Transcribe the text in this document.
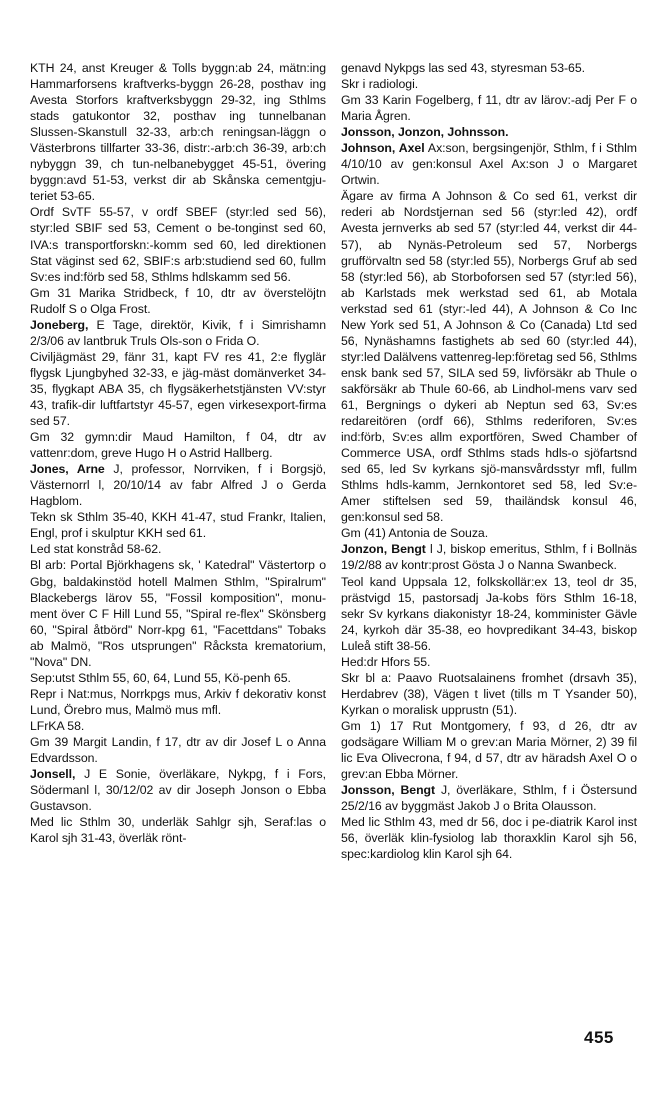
KTH 24, anst Kreuger & Tolls byggn:ab 24, mätn:ing Hammarforsens kraftverks-byggn 26-28, posthav ing Avesta Storfors kraftverksbyggn 29-32, ing Sthlms stads gatukontor 32, posthav ing tunnelbanan Slussen-Skanstull 32-33, arb:ch reningsan-läggn o Västerbrons tillfarter 33-36, distr:-arb:ch 36-39, arb:ch nybyggn 39, ch tun-nelbanebygget 45-51, övering byggn:avd 51-53, verkst dir ab Skånska cementgju-teriet 53-65.

Ordf SvTF 55-57, v ordf SBEF (styr:led sed 56), styr:led SBIF sed 53, Cement o be-tonginst sed 60, IVA:s transportforskn:-komm sed 60, led direktionen Stat väginst sed 62, SBIF:s arb:studiend sed 60, fullm Sv:es ind:förb sed 58, Sthlms hdlskamm sed 56.

Gm 31 Marika Stridbeck, f 10, dtr av överstelöjtn Rudolf S o Olga Frost.

Joneberg, E Tage, direktör, Kivik, f i Simrishamn 2/3/06 av lantbruk Truls Ols-son o Frida O.

Civiljägmäst 29, fänr 31, kapt FV res 41, 2:e flyglär flygsk Ljungbyhed 32-33, e jäg-mäst domänverket 34-35, flygkapt ABA 35, ch flygsäkerhetstjänsten VV:styr 43, trafik-dir luftfartstyr 45-57, egen virkesexport-firma sed 57.

Gm 32 gymn:dir Maud Hamilton, f 04, dtr av vattenr:dom, greve Hugo H o Astrid Hallberg.

Jones, Arne J, professor, Norrviken, f i Borgsjö, Västernorrl l, 20/10/14 av fabr Alfred J o Gerda Hagblom.

Tekn sk Sthlm 35-40, KKH 41-47, stud Frankr, Italien, Engl, prof i skulptur KKH sed 61.

Led stat konstråd 58-62.

Bl arb: Portal Björkhagens sk, ' Katedral" Västertorp o Gbg, baldakinstöd hotell Malmen Sthlm, "Spiralrum" Blackebergs lärov 55, "Fossil komposition", monu-ment över C F Hill Lund 55, "Spiral re-flex" Skönsberg 60, "Spiral åtbörd" Norr-kpg 61, "Facettdans" Tobaks ab Malmö, "Ros utsprungen" Råcksta krematorium, "Nova" DN.

Sep:utst Sthlm 55, 60, 64, Lund 55, Kö-penh 65.

Repr i Nat:mus, Norrkpgs mus, Arkiv f dekorativ konst Lund, Örebro mus, Malmö mus mfl.

LFrKA 58.

Gm 39 Margit Landin, f 17, dtr av dir Josef L o Anna Edvardsson.

Jonsell, J E Sonie, överläkare, Nykpg, f i Fors, Södermanl l, 30/12/02 av dir Joseph Jonson o Ebba Gustavson.

Med lic Sthlm 30, underläk Sahlgr sjh, Seraf:las o Karol sjh 31-43, överläk rönt-

genavd Nykpgs las sed 43, styresman 53-65.

Skr i radiologi.

Gm 33 Karin Fogelberg, f 11, dtr av lärov:-adj Per F o Maria Ågren.

Jonsson, Jonzon, Johnsson.

Johnson, Axel Ax:son, bergsingenjör, Sthlm, f i Sthlm 4/10/10 av gen:konsul Axel Ax:son J o Margaret Ortwin.

Ägare av firma A Johnson & Co sed 61, verkst dir rederi ab Nordstjernan sed 56 (styr:led 42), ordf Avesta jernverks ab sed 57 (styr:led 44, verkst dir 44-57), ab Nynäs-Petroleum sed 57, Norbergs grufförvaltn sed 58 (styr:led 55), Norbergs Gruf ab sed 58 (styr:led 56), ab Storboforsen sed 57 (styr:led 56), ab Karlstads mek werkstad sed 61, ab Motala verkstad sed 61 (styr:-led 44), A Johnson & Co Inc New York sed 51, A Johnson & Co (Canada) Ltd sed 56, Nynäshamns fastighets ab sed 60 (styr:led 44), styr:led Dalälvens vattenreg-lер:företag sed 56, Sthlms ensk bank sed 57, SILA sed 59, livförsäkr ab Thule o sakförsäkr ab Thule 60-66, ab Lindhol-mens varv sed 61, Bergnings o dykeri ab Neptun sed 63, Sv:es redareitören (ordf 66), Sthlms rederiforen, Sv:es ind:förb, Sv:es allm exportfören, Swed Chamber of Commerce USA, ordf Sthlms stads hdls-o sjöfartsnd sed 65, led Sv kyrkans sjö-mansvårdsstyr mfl, fullm Sthlms hdls-kamm, Jernkontoret sed 58, led Sv:e-Amer stiftelsen sed 59, thailändsk konsul 46, gen:konsul sed 58.

Gm (41) Antonia de Souza.

Jonzon, Bengt l J, biskop emeritus, Sthlm, f i Bollnäs 19/2/88 av kontr:prost Gösta J o Nanna Swanbeck.

Teol kand Uppsala 12, folkskollär:ex 13, teol dr 35, prästvigd 15, pastorsadj Ja-kobs förs Sthlm 16-18, sekr Sv kyrkans diakonistyr 18-24, komminister Gävle 24, kyrkoh där 35-38, eo hovpredikant 34-43, biskop Luleå stift 38-56.

Hed:dr Hfors 55.

Skr bl a: Paavo Ruotsalainens fromhet (drsavh 35), Herdabrev (38), Vägen t livet (tills m T Ysander 50), Kyrkan o moralisk upprustn (51).

Gm 1) 17 Rut Montgomery, f 93, d 26, dtr av godsägare William M o grev:an Maria Mörner, 2) 39 fil lic Eva Olivecrona, f 94, d 57, dtr av häradsh Axel O o grev:an Ebba Mörner.

Jonsson, Bengt J, överläkare, Sthlm, f i Östersund 25/2/16 av byggmäst Jakob J o Brita Olausson.

Med lic Sthlm 43, med dr 56, doc i pe-diatrik Karol inst 56, överläk klin-fysiolog lab thoraxklin Karol sjh 56, spec:kardiolog klin Karol sjh 64.

455
